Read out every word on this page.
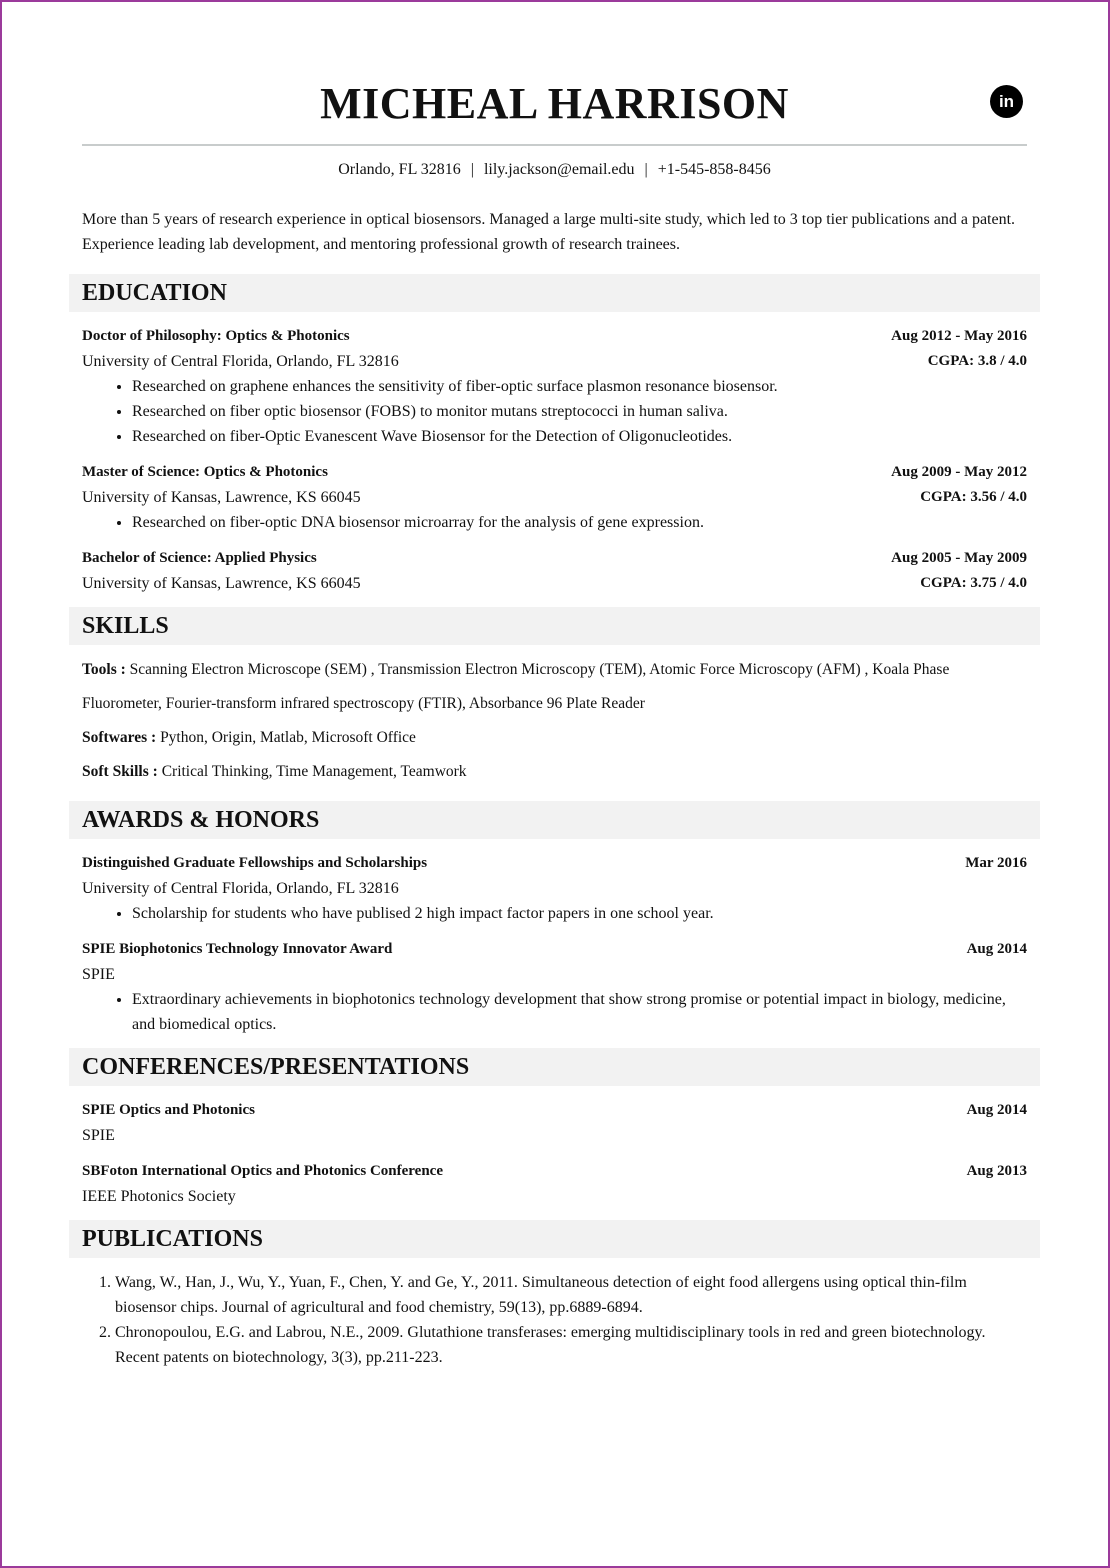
MICHEAL HARRISON	in
Orlando, FL 32816 | lily.jackson@email.edu | +1-545-858-8456

More than 5 years of research experience in optical biosensors. Managed a large multi-site study, which led to 3 top tier publications and a patent. Experience leading lab development, and mentoring professional growth of research trainees.

EDUCATION
Doctor of Philosophy: Optics & Photonics	Aug 2012 - May 2016
University of Central Florida, Orlando, FL 32816	CGPA: 3.8 / 4.0
• Researched on graphene enhances the sensitivity of fiber-optic surface plasmon resonance biosensor.
• Researched on fiber optic biosensor (FOBS) to monitor mutans streptococci in human saliva.
• Researched on fiber-Optic Evanescent Wave Biosensor for the Detection of Oligonucleotides.
Master of Science: Optics & Photonics	Aug 2009 - May 2012
University of Kansas, Lawrence, KS 66045	CGPA: 3.56 / 4.0
• Researched on fiber-optic DNA biosensor microarray for the analysis of gene expression.
Bachelor of Science: Applied Physics	Aug 2005 - May 2009
University of Kansas, Lawrence, KS 66045	CGPA: 3.75 / 4.0
SKILLS
Tools : Scanning Electron Microscope (SEM) , Transmission Electron Microscopy (TEM), Atomic Force Microscopy (AFM) , Koala Phase Fluorometer, Fourier-transform infrared spectroscopy (FTIR), Absorbance 96 Plate Reader
Softwares : Python, Origin, Matlab, Microsoft Office
Soft Skills : Critical Thinking, Time Management, Teamwork
AWARDS & HONORS
Distinguished Graduate Fellowships and Scholarships	Mar 2016
University of Central Florida, Orlando, FL 32816
• Scholarship for students who have publised 2 high impact factor papers in one school year.
SPIE Biophotonics Technology Innovator Award	Aug 2014
SPIE
• Extraordinary achievements in biophotonics technology development that show strong promise or potential impact in biology, medicine, and biomedical optics.
CONFERENCES/PRESENTATIONS
SPIE Optics and Photonics	Aug 2014
SPIE
SBFoton International Optics and Photonics Conference	Aug 2013
IEEE Photonics Society
PUBLICATIONS
1. Wang, W., Han, J., Wu, Y., Yuan, F., Chen, Y. and Ge, Y., 2011. Simultaneous detection of eight food allergens using optical thin-film biosensor chips. Journal of agricultural and food chemistry, 59(13), pp.6889-6894.
2. Chronopoulou, E.G. and Labrou, N.E., 2009. Glutathione transferases: emerging multidisciplinary tools in red and green biotechnology. Recent patents on biotechnology, 3(3), pp.211-223.
